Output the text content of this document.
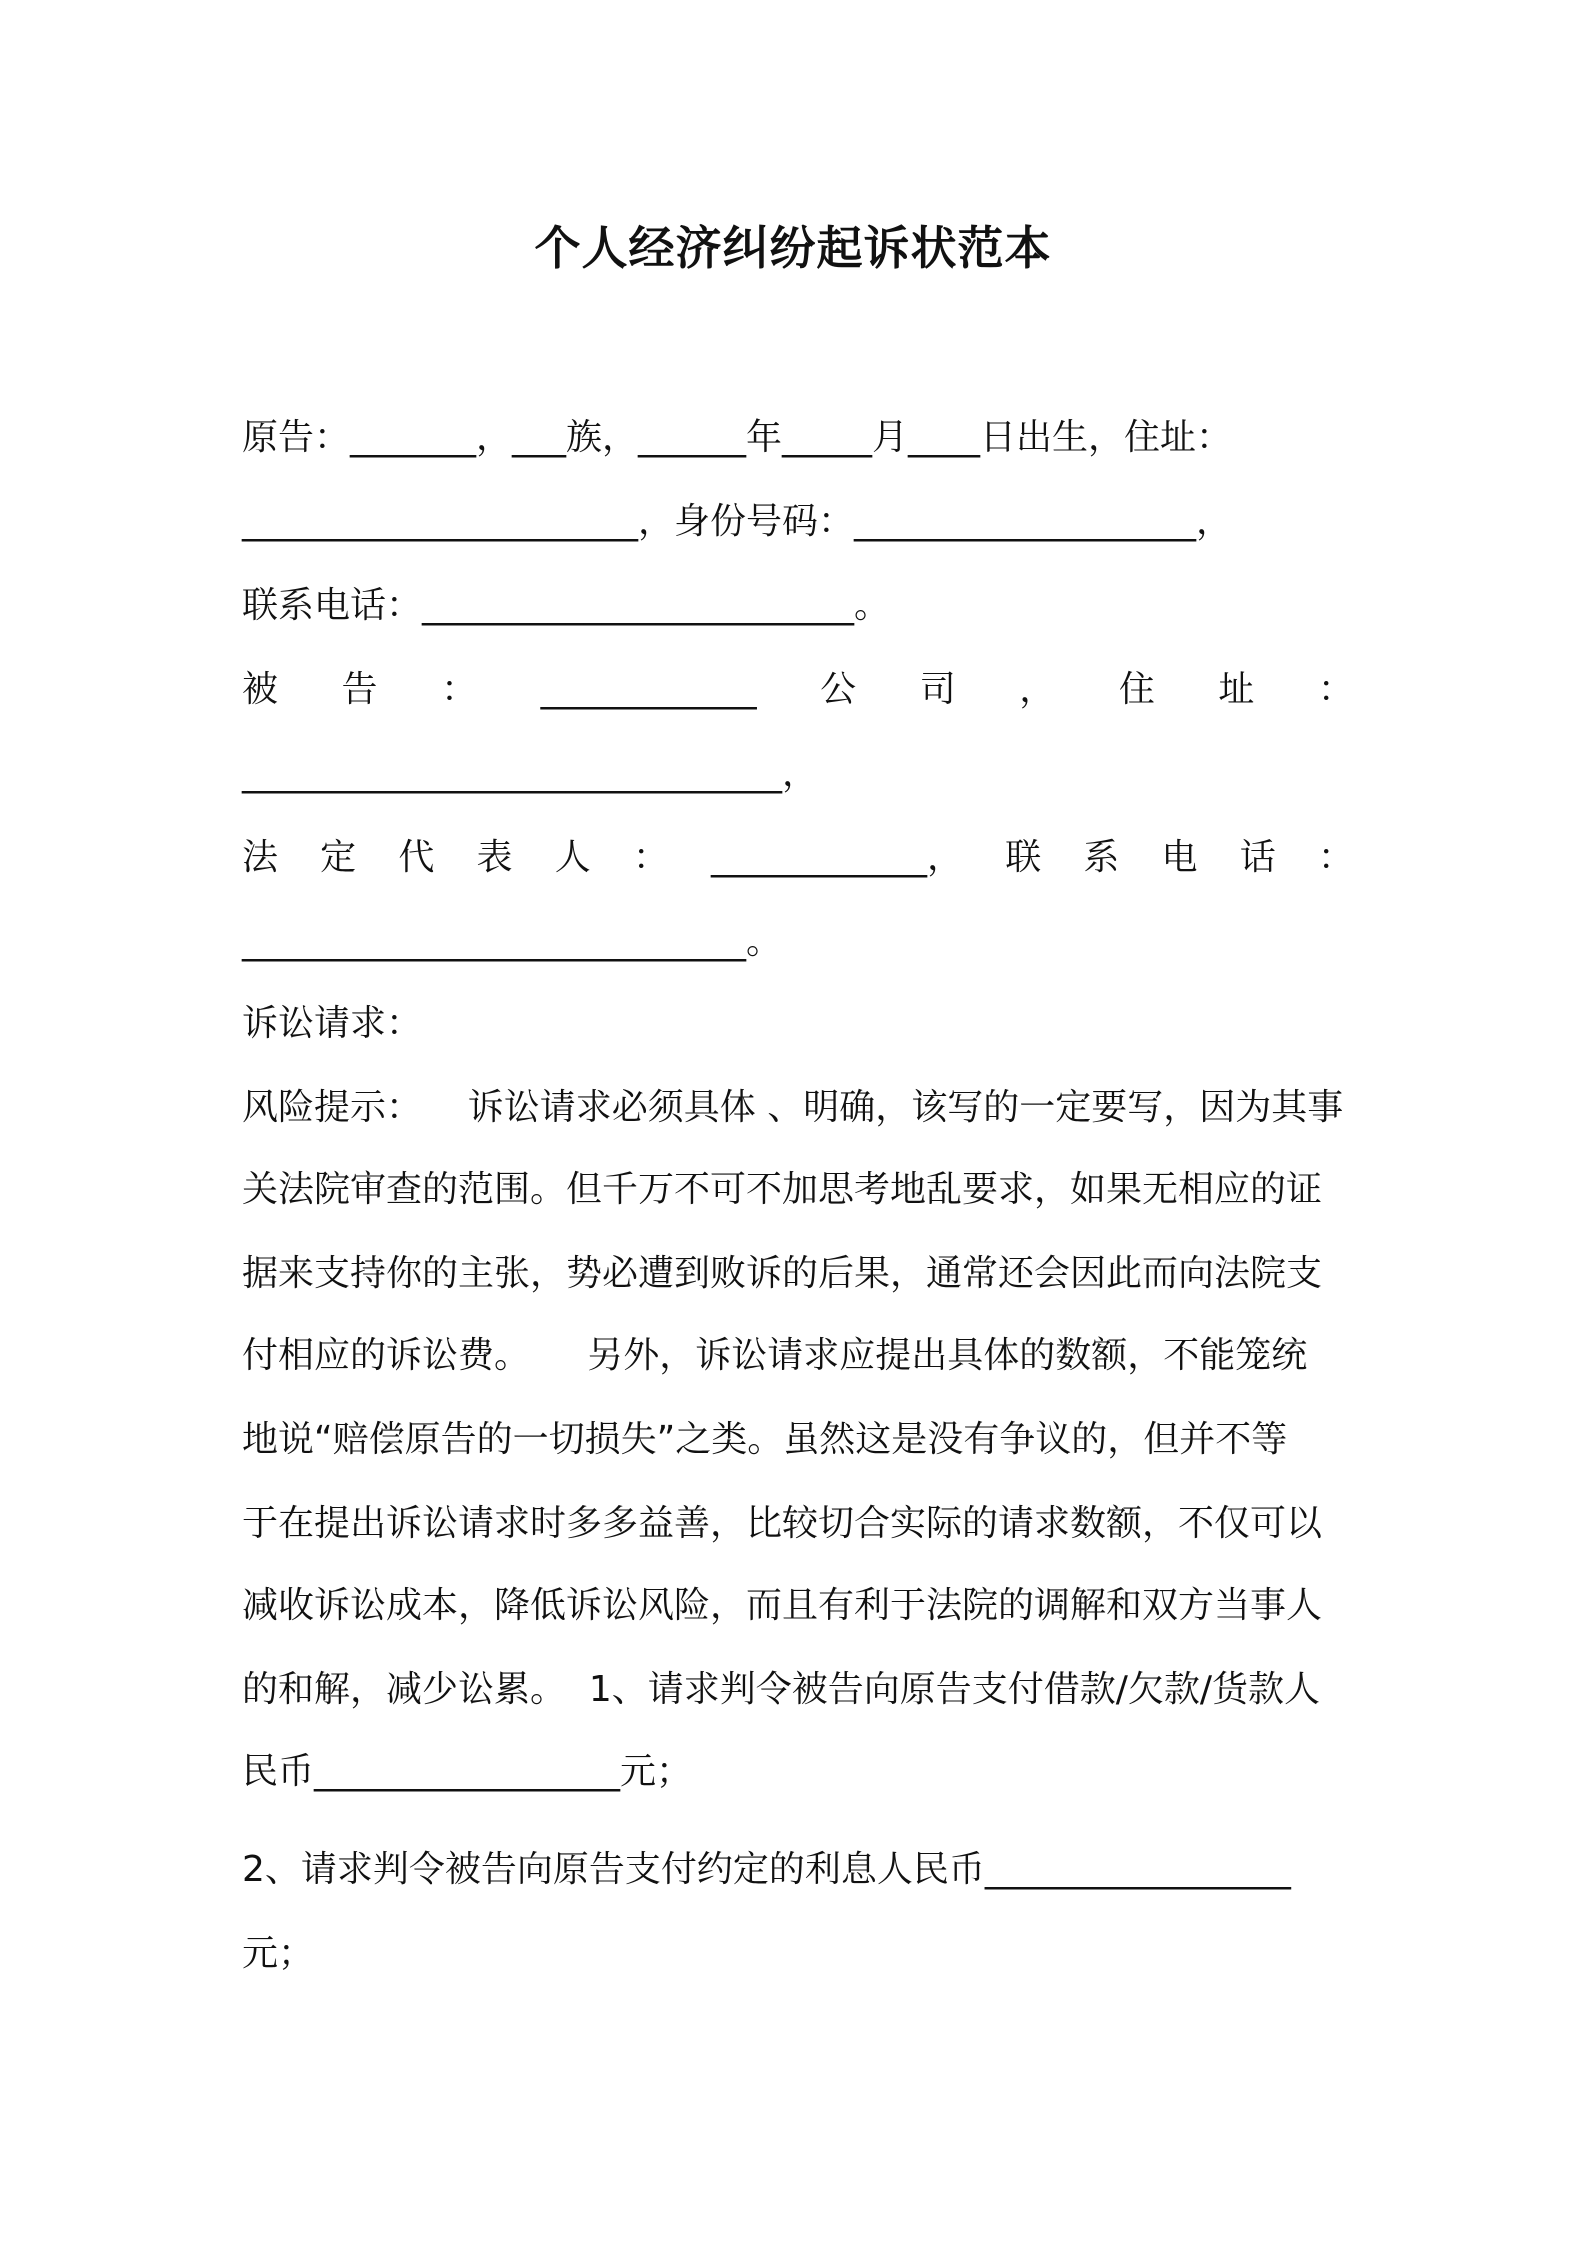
个人经济纠纷起诉状范本
原告：_______，___族，______年_____月____日出生，住址：
______________________，身份号码：___________________，
联系电话：________________________。
被 告 ： ____________ 公 司 ， 住 址 ：
______________________________，
法 定 代 表 人 ： ____________， 联 系 电 话 ：
____________________________。
诉讼请求：
风险提示：    诉讼请求必须具体 、明确，该写的一定要写，因为其事
关法院审查的范围。但千万不可不加思考地乱要求，如果无相应的证
据来支持你的主张，势必遭到败诉的后果，通常还会因此而向法院支
付相应的诉讼费。     另外，诉讼请求应提出具体的数额，不能笼统
地说“赔偿原告的一切损失”之类。虽然这是没有争议的，但并不等
于在提出诉讼请求时多多益善，比较切合实际的请求数额，不仅可以
减收诉讼成本，降低诉讼风险，而且有利于法院的调解和双方当事人
的和解，减少讼累。  1、请求判令被告向原告支付借款/欠款/货款人
民币_________________元；
2、请求判令被告向原告支付约定的利息人民币_________________
元；
